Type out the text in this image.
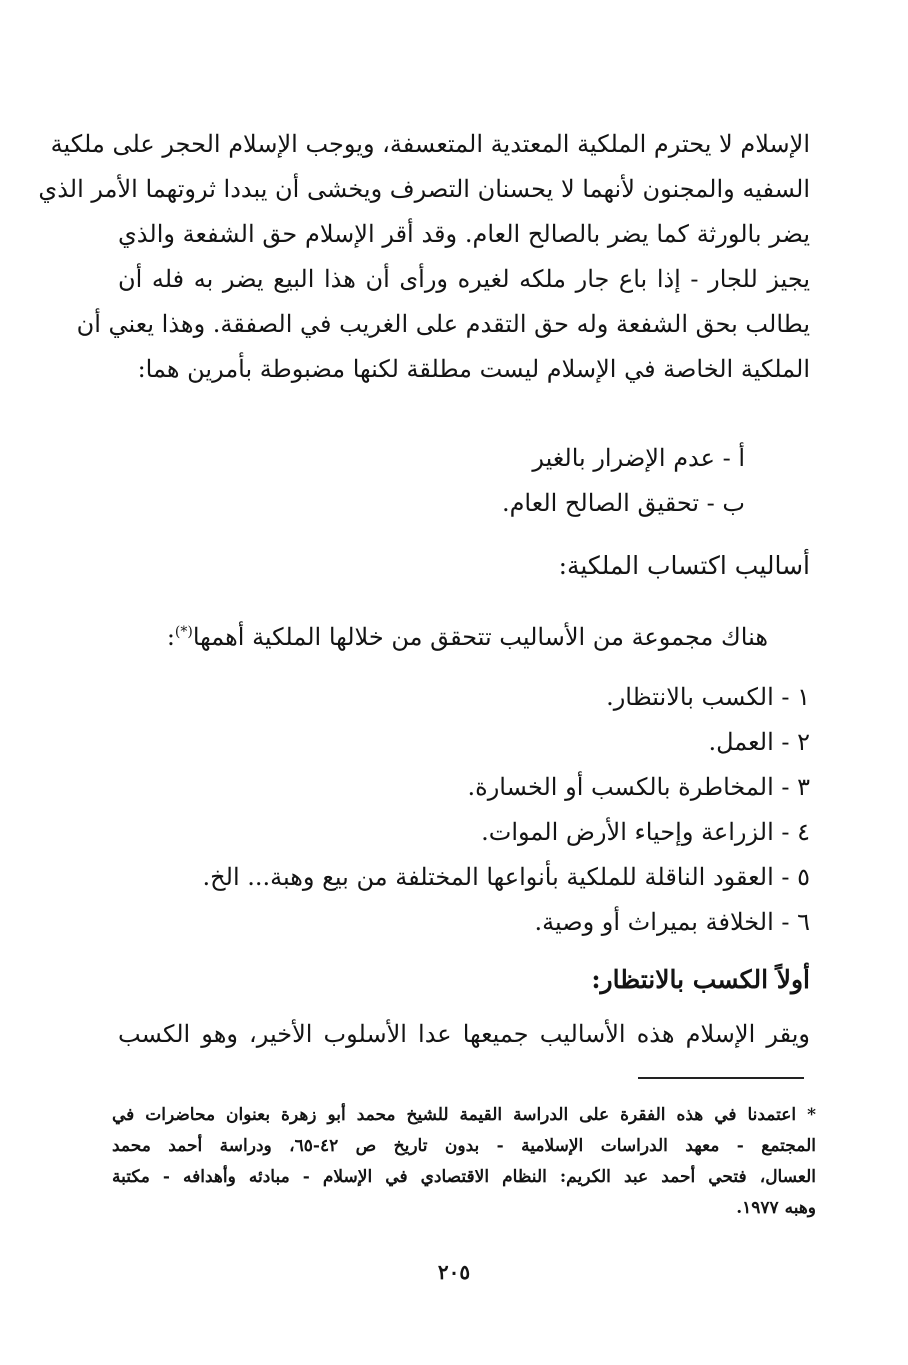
الإسلام لا يحترم الملكية المعتدية المتعسفة، ويوجب الإسلام الحجر على ملكية
السفيه والمجنون لأنهما لا يحسنان التصرف ويخشى أن يبددا ثروتهما الأمر الذي
يضر بالورثة كما يضر بالصالح العام. وقد أقر الإسلام حق الشفعة والذي
يجيز للجار - إذا باع جار ملكه لغيره ورأى أن هذا البيع يضر به فله أن
يطالب بحق الشفعة وله حق التقدم على الغريب في الصفقة. وهذا يعني أن
الملكية الخاصة في الإسلام ليست مطلقة لكنها مضبوطة بأمرين هما:
أ - عدم الإضرار بالغير
ب - تحقيق الصالح العام.
أساليب اكتساب الملكية:

هناك مجموعة من الأساليب تتحقق من خلالها الملكية أهمها(*):

١ - الكسب بالانتظار.
٢ - العمل.
٣ - المخاطرة بالكسب أو الخسارة.
٤ - الزراعة وإحياء الأرض الموات.
٥ - العقود الناقلة للملكية بأنواعها المختلفة من بيع وهبة... الخ.
٦ - الخلافة بميراث أو وصية.
أولاً الكسب بالانتظار:

ويقر الإسلام هذه الأساليب جميعها عدا الأسلوب الأخير، وهو الكسب

* اعتمدنا في هذه الفقرة على الدراسة القيمة للشيخ محمد أبو زهرة بعنوان محاضرات في
المجتمع - معهد الدراسات الإسلامية - بدون تاريخ ص ٤٢-٦٥، ودراسة أحمد محمد
العسال، فتحي أحمد عبد الكريم: النظام الاقتصادي في الإسلام - مبادئه وأهدافه - مكتبة
وهبه ١٩٧٧.
٢٠٥
